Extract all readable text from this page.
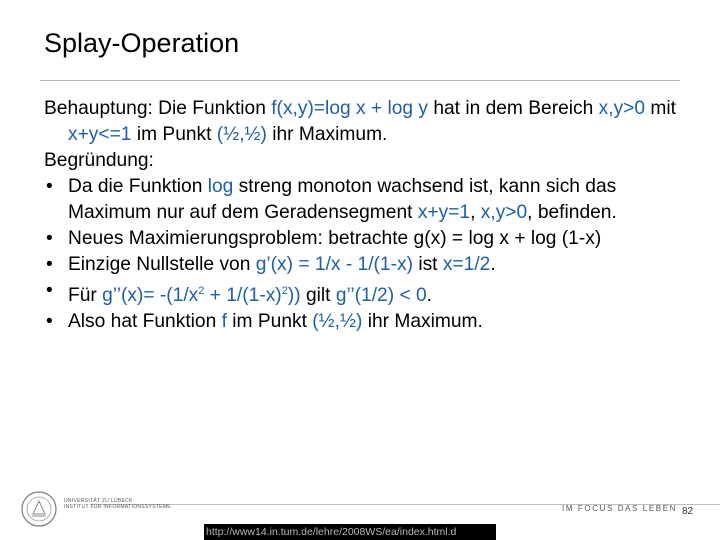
Splay-Operation

Behauptung: Die Funktion f(x,y)=log x + log y hat in dem Bereich x,y>0 mit x+y<=1 im Punkt (½,½) ihr Maximum.

Begründung:

• Da die Funktion log streng monoton wachsend ist, kann sich das Maximum nur auf dem Geradensegment x+y=1, x,y>0, befinden.
• Neues Maximierungsproblem: betrachte g(x) = log x + log (1-x)
• Einzige Nullstelle von g’(x) = 1/x - 1/(1-x) ist x=1/2.
• Für g’’(x)= $-(1/x^2 + 1/(1-x)^2)$) gilt g’’(1/2) < 0.
• Also hat Funktion f im Punkt (½,½) ihr Maximum.
UNIVERSITÄT ZU LÜBECK
INSTITUT FÜR INFORMATIONSSYSTEME	IM FOCUS DAS LEBEN 82
http://www14.in.tum.de/lehre/2008WS/ea/index.html.d
